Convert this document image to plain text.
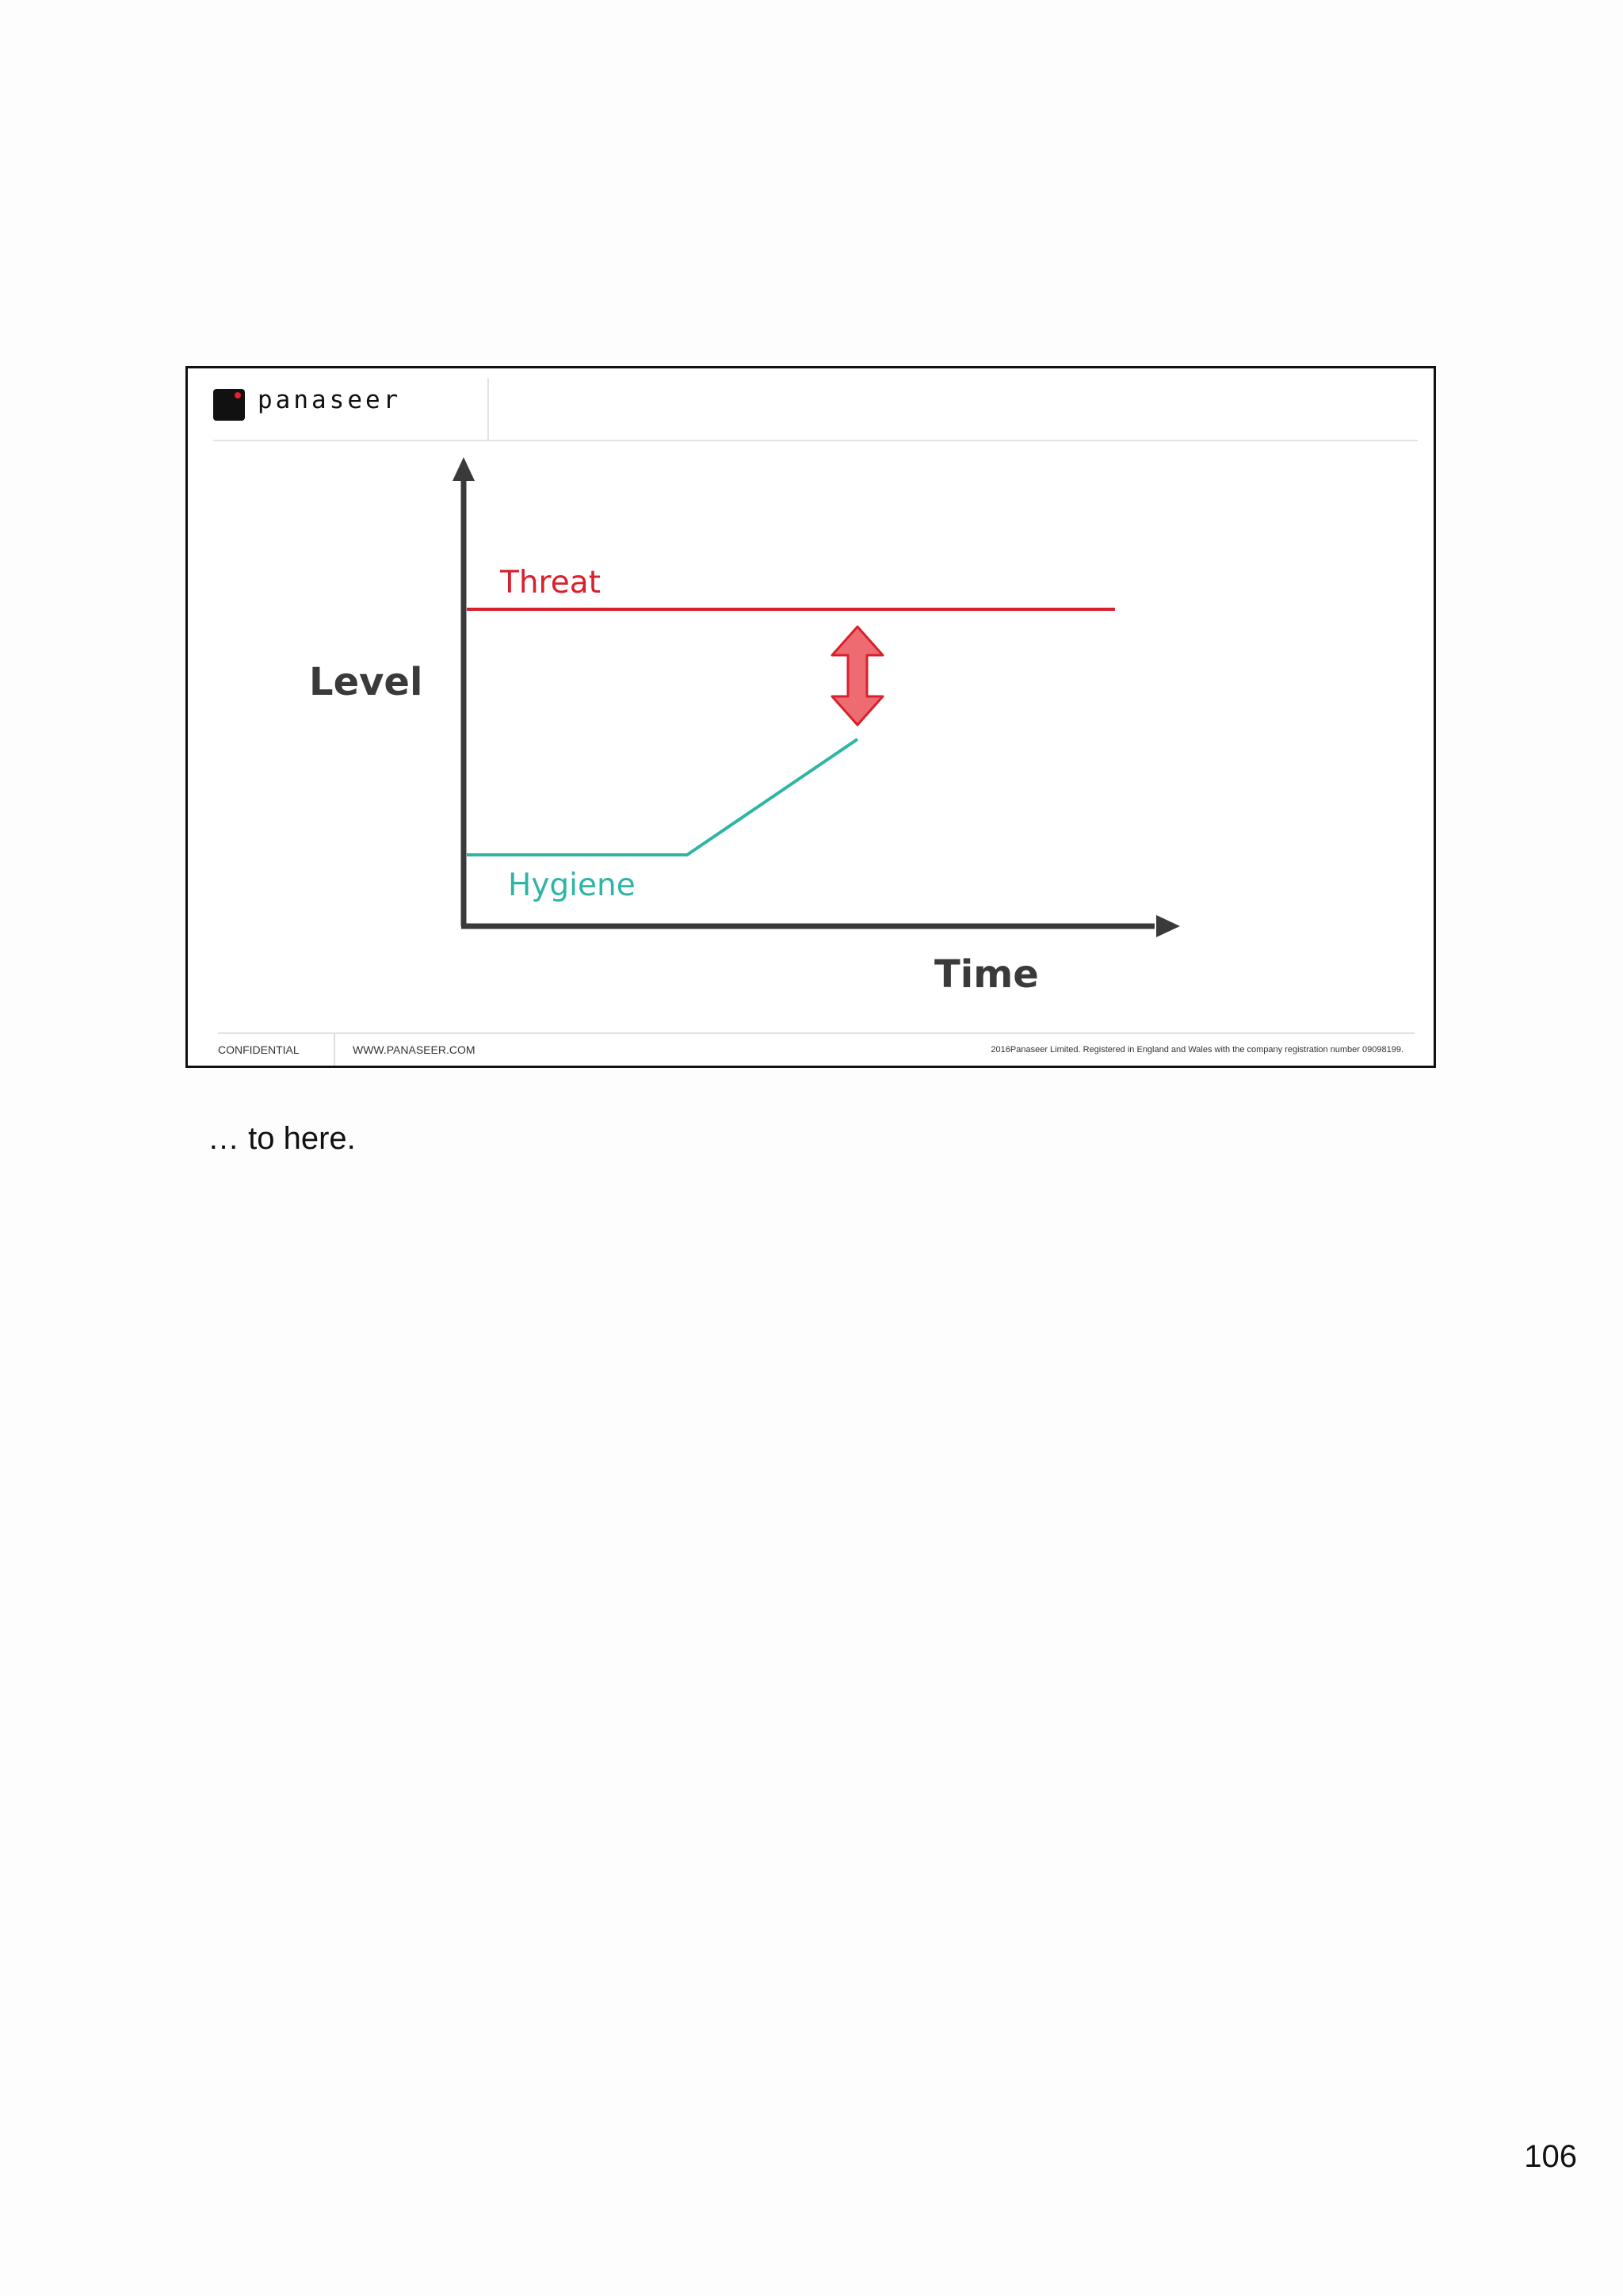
panaseer
Threat
Hygiene
Level
Time
CONFIDENTIAL	WWW.PANASEER.COM	2016Panaseer Limited. Registered in England and Wales with the company registration number 09098199.
… to here.
106
